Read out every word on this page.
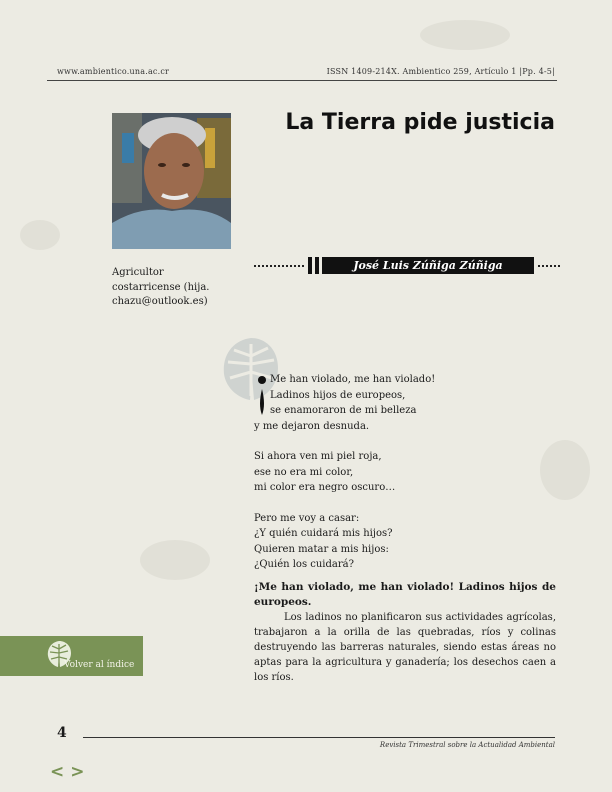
www.ambientico.una.ac.cr	ISSN 1409-214X. Ambientico 259, Artículo 1 |Pp. 4-5|
La Tierra pide justicia
José Luis Zúñiga Zúñiga
Agricultor
costarricense (hija.
chazu@outlook.es)
Me han violado, me han violado!
Ladinos hijos de europeos,
se enamoraron de mi belleza
y me dejaron desnuda.
Si ahora ven mi piel roja,
ese no era mi color,
mi color era negro oscuro…
Pero me voy a casar:
¿Y quién cuidará mis hijos?
Quieren matar a mis hijos:
¿Quién los cuidará?
¡Me han violado, me han violado! Ladinos hijos de europeos.
Los ladinos no planificaron sus actividades agrícolas, trabajaron a la orilla de las quebradas, ríos y colinas destruyendo las barreras naturales, siendo estas áreas no aptas para la agricultura y ganadería; los desechos caen a los ríos.
Volver al índice
4
Revista Trimestral sobre la Actualidad Ambiental
< >
